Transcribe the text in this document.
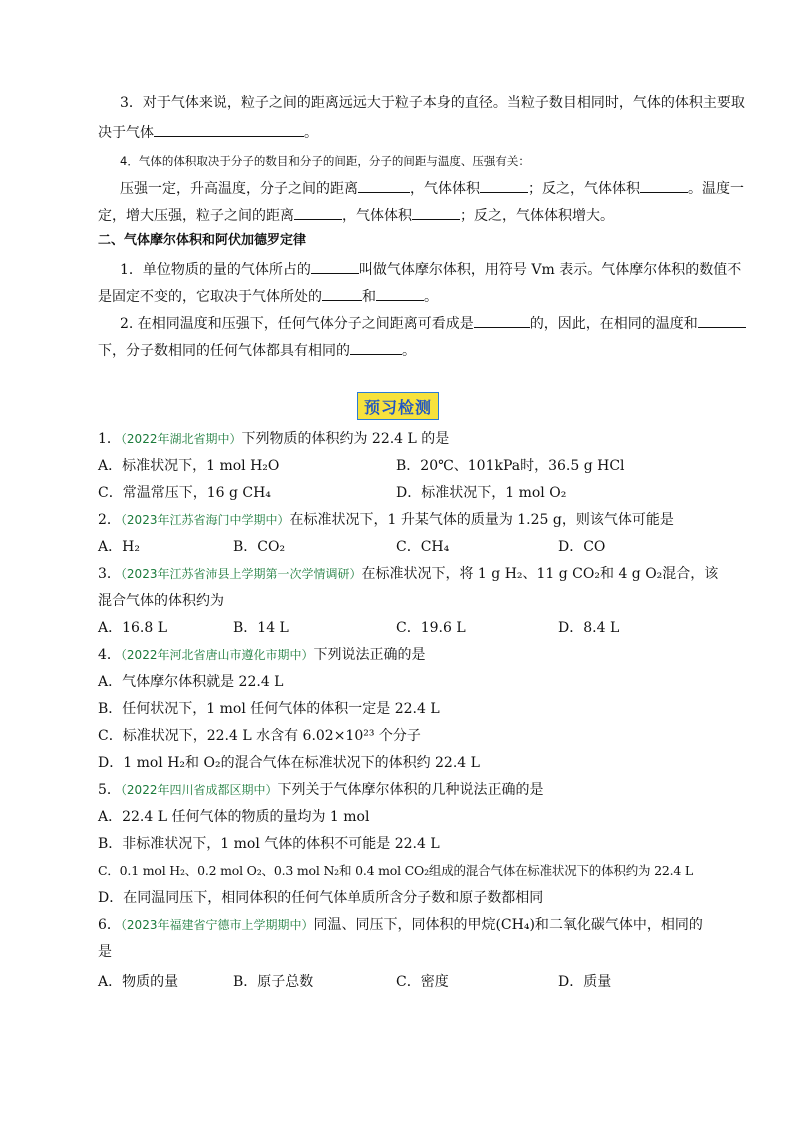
3．对于气体来说，粒子之间的距离远远大于粒子本身的直径。当粒子数目相同时，气体的体积主要取
决于气体	。
4．气体的体积取决于分子的数目和分子的间距，分子的间距与温度、压强有关：
压强一定，升高温度，分子之间的距离	，气体体积	；反之，气体体积	。温度一
定，增大压强，粒子之间的距离	，气体体积	；反之，气体体积增大。
二、气体摩尔体积和阿伏加德罗定律
1．单位物质的量的气体所占的	叫做气体摩尔体积，用符号 Vm 表示。气体摩尔体积的数值不
是固定不变的，它取决于气体所处的	和	。
2. 在相同温度和压强下，任何气体分子之间距离可看成是	的，因此，在相同的温度和
下，分子数相同的任何气体都具有相同的	。
预习检测
1．（2022年湖北省期中）下列物质的体积约为 22.4 L 的是
A．标准状况下，1 mol H₂O	B．20℃、101kPa时，36.5 g HCl
C．常温常压下，16 g CH₄	D．标准状况下，1 mol O₂
2．（2023年江苏省海门中学期中）在标准状况下，1 升某气体的质量为 1.25 g，则该气体可能是
A．H₂	B．CO₂	C．CH₄	D．CO
3．（2023年江苏省沛县上学期第一次学情调研）在标准状况下，将 1 g H₂、11 g CO₂和 4 g O₂混合，该
混合气体的体积约为
A．16.8 L	B．14 L	C．19.6 L	D．8.4 L
4．（2022年河北省唐山市遵化市期中）下列说法正确的是
A．气体摩尔体积就是 22.4 L
B．任何状况下，1 mol 任何气体的体积一定是 22.4 L
C．标准状况下，22.4 L 水含有 6.02×10²³ 个分子
D．1 mol H₂和 O₂的混合气体在标准状况下的体积约 22.4 L
5．（2022年四川省成都区期中）下列关于气体摩尔体积的几种说法正确的是
A．22.4 L 任何气体的物质的量均为 1 mol
B．非标准状况下，1 mol 气体的体积不可能是 22.4 L
C．0.1 mol H₂、0.2 mol O₂、0.3 mol N₂和 0.4 mol CO₂组成的混合气体在标准状况下的体积约为 22.4 L
D．在同温同压下，相同体积的任何气体单质所含分子数和原子数都相同
6．（2023年福建省宁德市上学期期中）同温、同压下，同体积的甲烷(CH₄)和二氧化碳气体中，相同的
是
A．物质的量	B．原子总数	C．密度	D．质量
